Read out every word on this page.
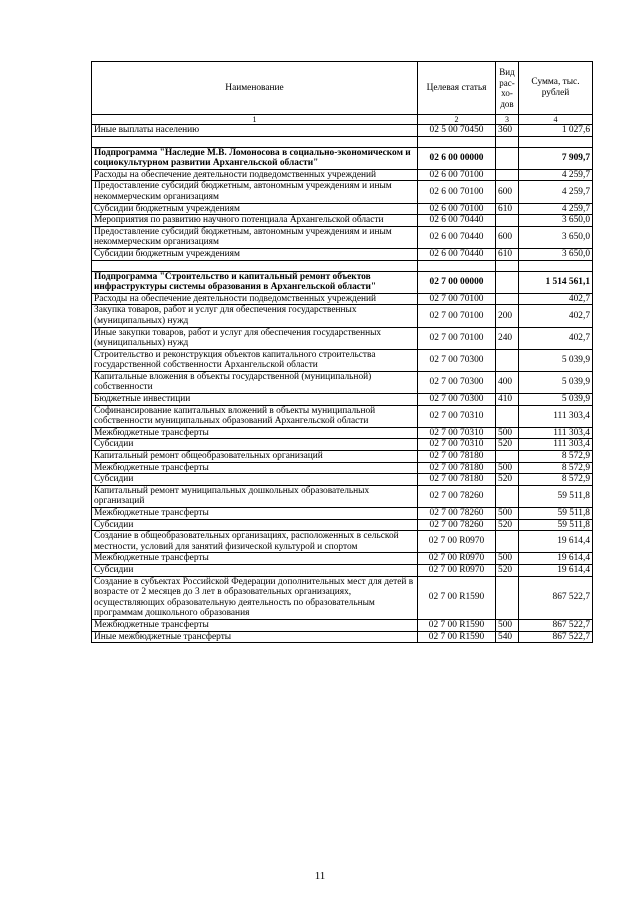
Наименование	Целевая статья	Вид рас-хо-дов	Сумма, тыс. рублей
1	2	3	4
Иные выплаты населению	02 5 00 70450	360	1 027,6

Подпрограмма "Наследие М.В. Ломоносова в социально-экономическом и социокультурном развитии Архангельской области"	02 6 00 00000		7 909,7
Расходы на обеспечение деятельности подведомственных учреждений	02 6 00 70100		4 259,7
Предоставление субсидий бюджетным, автономным учреждениям и иным некоммерческим организациям	02 6 00 70100	600	4 259,7
Субсидии бюджетным учреждениям	02 6 00 70100	610	4 259,7
Мероприятия по развитию научного потенциала Архангельской области	02 6 00 70440		3 650,0
Предоставление субсидий бюджетным, автономным учреждениям и иным некоммерческим организациям	02 6 00 70440	600	3 650,0
Субсидии бюджетным учреждениям	02 6 00 70440	610	3 650,0

Подпрограмма "Строительство и капитальный ремонт объектов инфраструктуры системы образования в Архангельской области"	02 7 00 00000		1 514 561,1
Расходы на обеспечение деятельности подведомственных учреждений	02 7 00 70100		402,7
Закупка товаров, работ и услуг для обеспечения государственных (муниципальных) нужд	02 7 00 70100	200	402,7
Иные закупки товаров, работ и услуг для обеспечения государственных (муниципальных) нужд	02 7 00 70100	240	402,7
Строительство и реконструкция объектов капитального строительства государственной собственности Архангельской области	02 7 00 70300		5 039,9
Капитальные вложения в объекты государственной (муниципальной) собственности	02 7 00 70300	400	5 039,9
Бюджетные инвестиции	02 7 00 70300	410	5 039,9
Софинансирование капитальных вложений в объекты муниципальной собственности муниципальных образований Архангельской области	02 7 00 70310		111 303,4
Межбюджетные трансферты	02 7 00 70310	500	111 303,4
Субсидии	02 7 00 70310	520	111 303,4
Капитальный ремонт общеобразовательных организаций	02 7 00 78180		8 572,9
Межбюджетные трансферты	02 7 00 78180	500	8 572,9
Субсидии	02 7 00 78180	520	8 572,9
Капитальный ремонт муниципальных дошкольных образовательных организаций	02 7 00 78260		59 511,8
Межбюджетные трансферты	02 7 00 78260	500	59 511,8
Субсидии	02 7 00 78260	520	59 511,8
Создание в общеобразовательных организациях, расположенных в сельской местности, условий для занятий физической культурой и спортом	02 7 00 R0970		19 614,4
Межбюджетные трансферты	02 7 00 R0970	500	19 614,4
Субсидии	02 7 00 R0970	520	19 614,4
Создание в субъектах Российской Федерации дополнительных мест для детей в возрасте от 2 месяцев до 3 лет в образовательных организациях, осуществляющих образовательную деятельность по образовательным программам дошкольного образования	02 7 00 R1590		867 522,7
Межбюджетные трансферты	02 7 00 R1590	500	867 522,7
Иные межбюджетные трансферты	02 7 00 R1590	540	867 522,7
11
